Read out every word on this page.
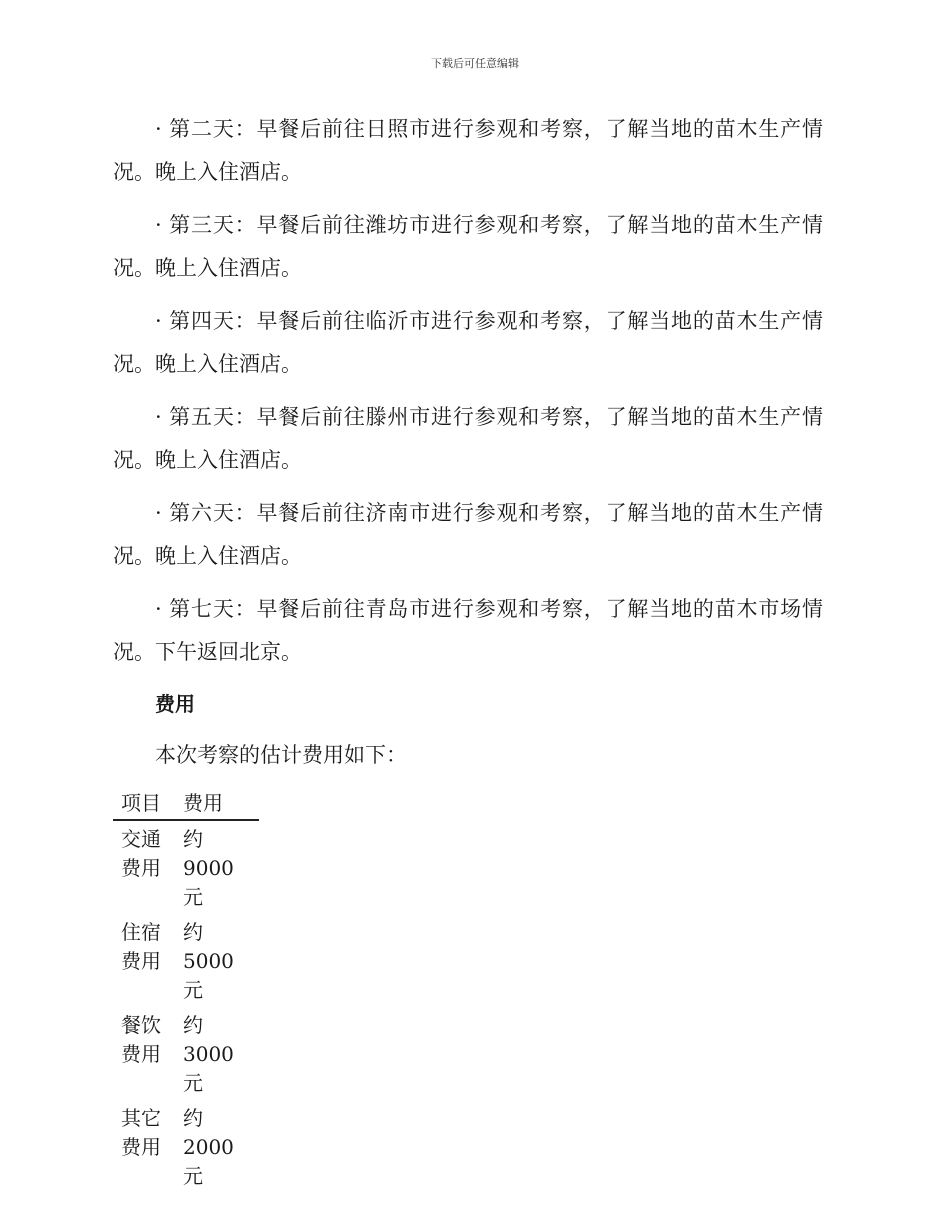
下载后可任意编辑

· 第二天：早餐后前往日照市进行参观和考察，了解当地的苗木生产情况。晚上入住酒店。

· 第三天：早餐后前往潍坊市进行参观和考察，了解当地的苗木生产情况。晚上入住酒店。

· 第四天：早餐后前往临沂市进行参观和考察，了解当地的苗木生产情况。晚上入住酒店。

· 第五天：早餐后前往滕州市进行参观和考察，了解当地的苗木生产情况。晚上入住酒店。

· 第六天：早餐后前往济南市进行参观和考察，了解当地的苗木生产情况。晚上入住酒店。

· 第七天：早餐后前往青岛市进行参观和考察，了解当地的苗木市场情况。下午返回北京。

费用

本次考察的估计费用如下：

项目	费用
交通费用	约 9000 元
住宿费用	约 5000 元
餐饮费用	约 3000 元
其它费用	约 2000 元
